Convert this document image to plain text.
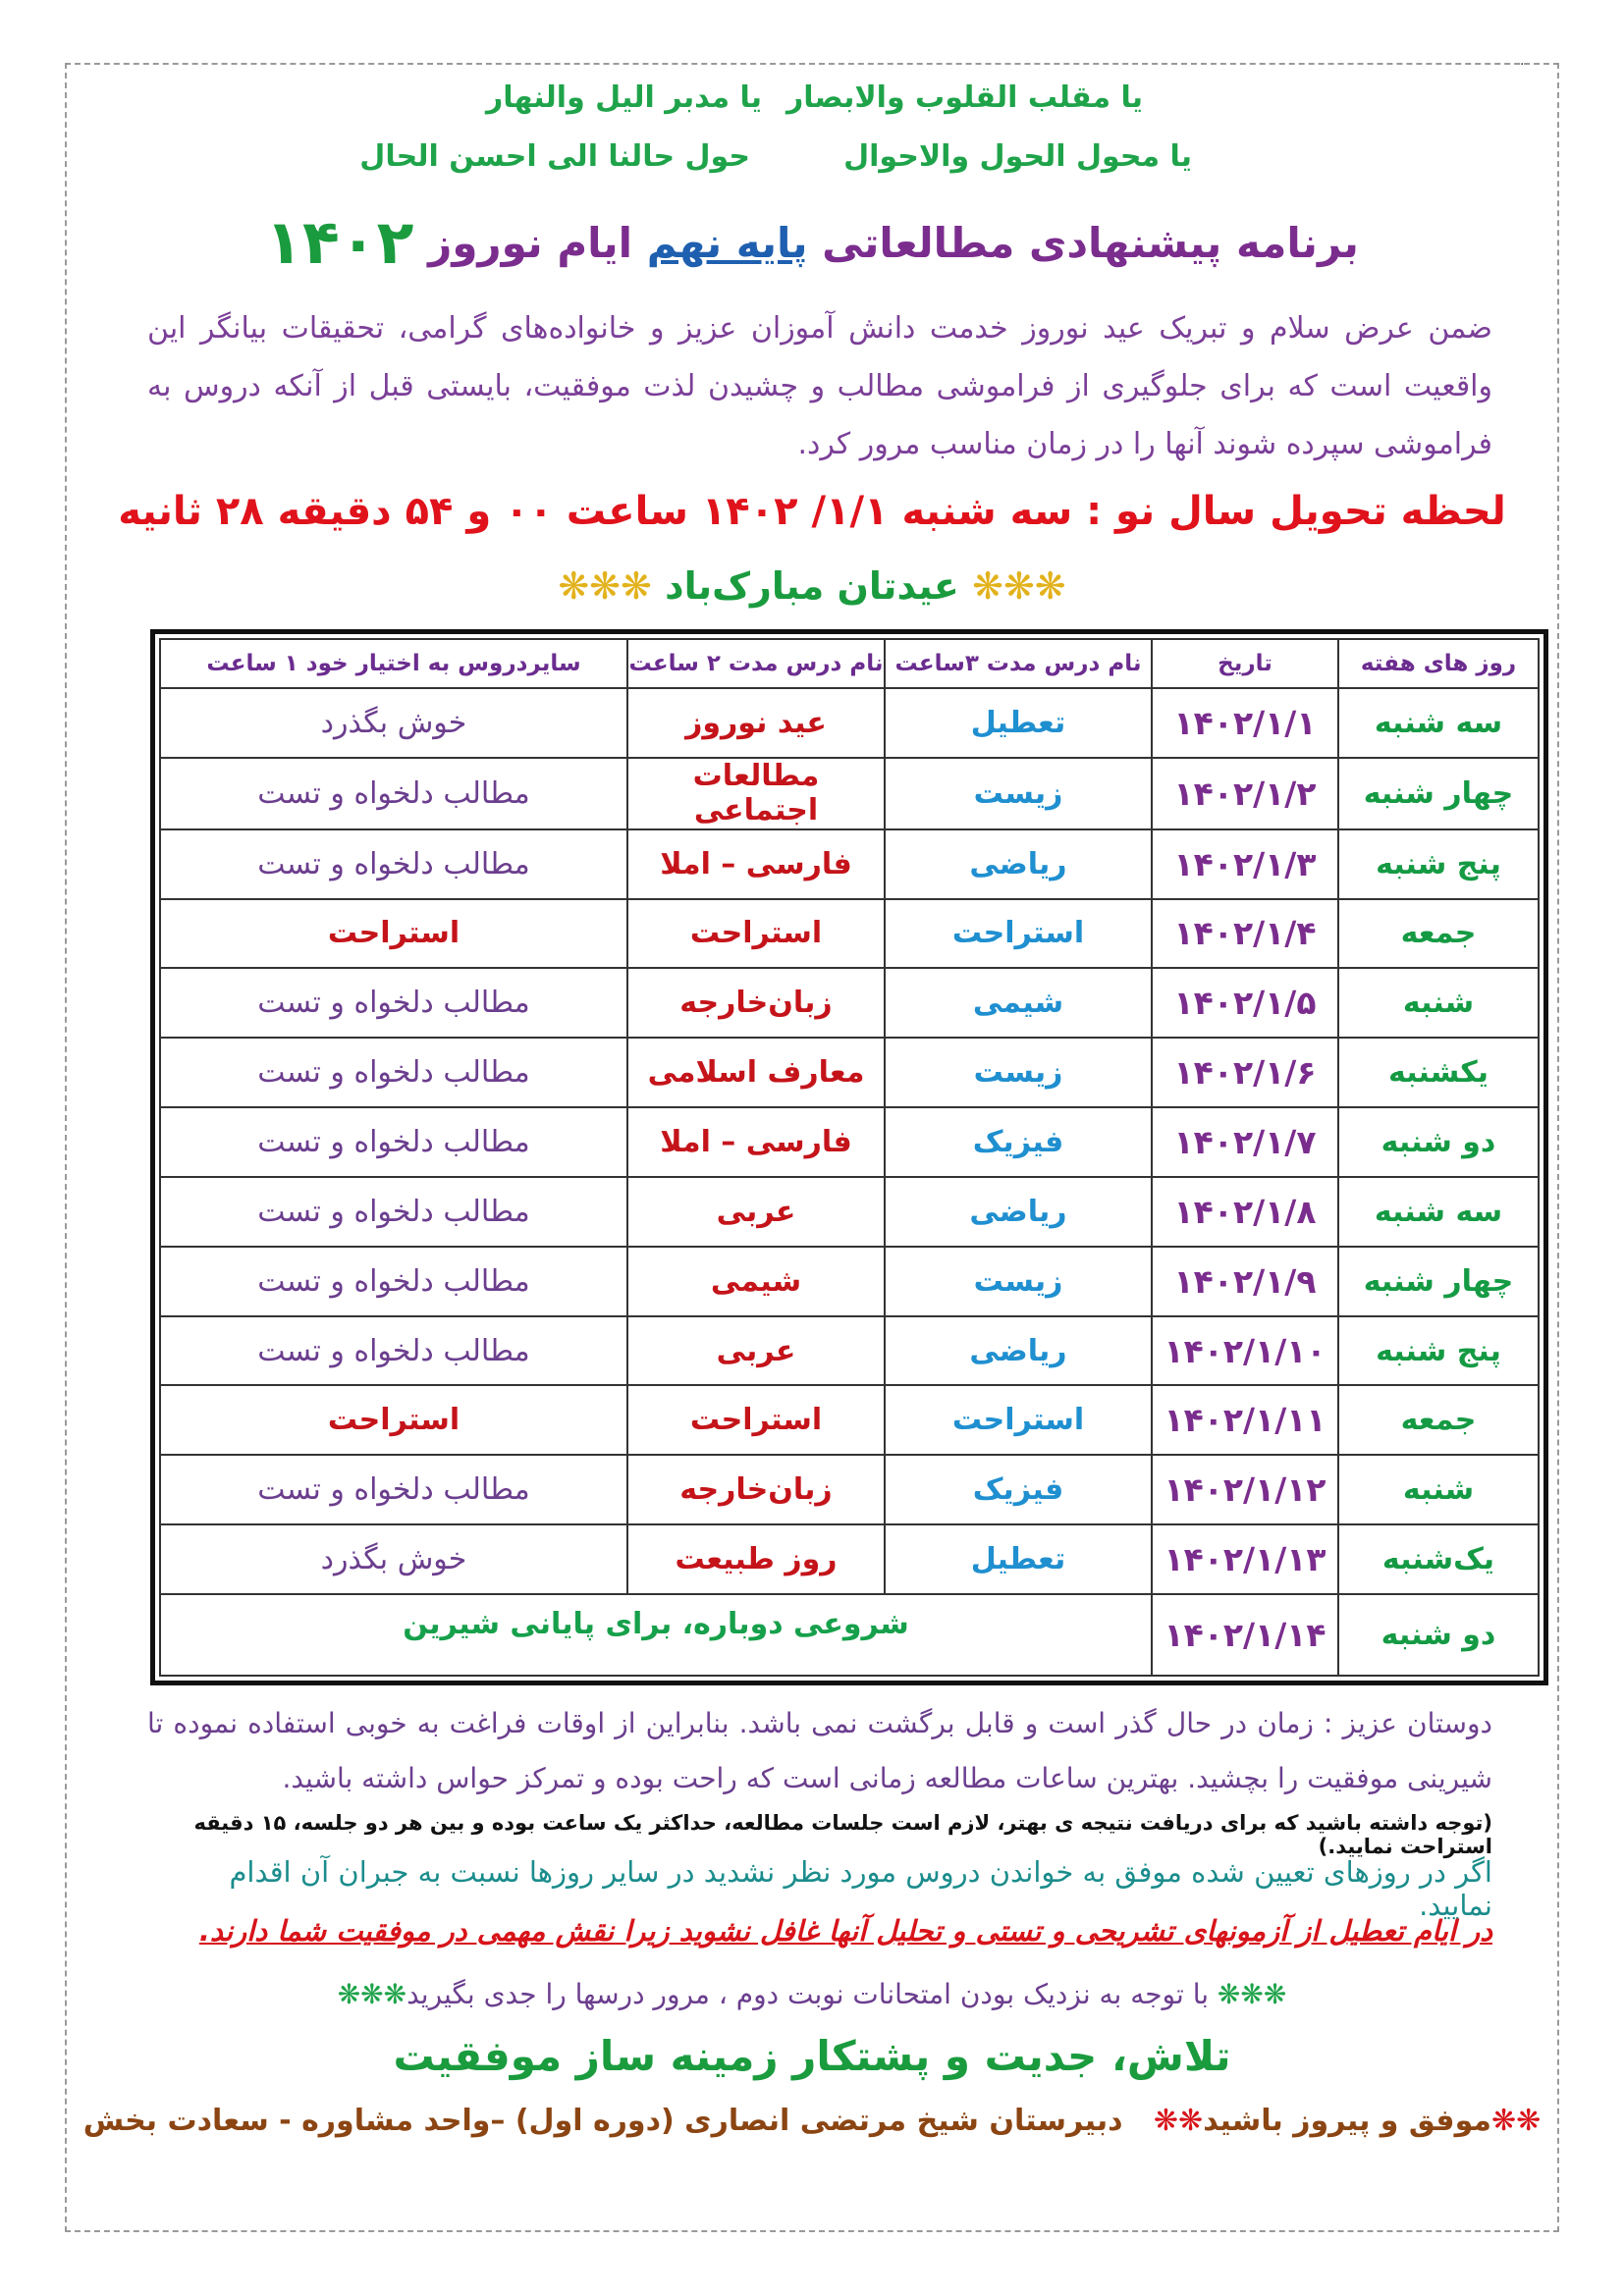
.
یا مقلب القلوب والابصار
یا مدبر الیل والنهار
یا محول الحول والاحوال
حول حالنا الی احسن الحال
برنامه پیشنهادی مطالعاتی پایه نهم ایام نوروز ۱۴۰۲
ضمن عرض سلام و تبریک عید نوروز خدمت دانش آموزان عزیز و خانواده‌های گرامی، تحقیقات بیانگر این واقعیت است که برای جلوگیری از فراموشی مطالب و چشیدن لذت موفقیت، بایستی قبل از آنکه دروس به فراموشی سپرده شوند آنها را در زمان مناسب مرور کرد.
لحظه تحویل سال نو : سه شنبه ۱/۱/ ۱۴۰۲ ساعت ۰۰ و ۵۴ دقیقه ۲۸ ثانیه
❋❋❋ عیدتان مبارک‌باد ❋❋❋
روز های هفته	تاریخ	نام درس مدت ۳ساعت	نام درس مدت ۲ ساعت	سایردروس به اختیار خود ۱ ساعت
سه شنبه	۱۴۰۲/۱/۱	تعطیل	عید نوروز	خوش بگذرد
چهار شنبه	۱۴۰۲/۱/۲	زیست	مطالعات اجتماعی	مطالب دلخواه و تست
پنج شنبه	۱۴۰۲/۱/۳	ریاضی	فارسی – املا	مطالب دلخواه و تست
جمعه	۱۴۰۲/۱/۴	استراحت	استراحت	استراحت
شنبه	۱۴۰۲/۱/۵	شیمی	زبان‌خارجه	مطالب دلخواه و تست
یکشنبه	۱۴۰۲/۱/۶	زیست	معارف اسلامی	مطالب دلخواه و تست
دو شنبه	۱۴۰۲/۱/۷	فیزیک	فارسی – املا	مطالب دلخواه و تست
سه شنبه	۱۴۰۲/۱/۸	ریاضی	عربی	مطالب دلخواه و تست
چهار شنبه	۱۴۰۲/۱/۹	زیست	شیمی	مطالب دلخواه و تست
پنج شنبه	۱۴۰۲/۱/۱۰	ریاضی	عربی	مطالب دلخواه و تست
جمعه	۱۴۰۲/۱/۱۱	استراحت	استراحت	استراحت
شنبه	۱۴۰۲/۱/۱۲	فیزیک	زبان‌خارجه	مطالب دلخواه و تست
یک‌شنبه	۱۴۰۲/۱/۱۳	تعطیل	روز طبیعت	خوش بگذرد
دو شنبه	۱۴۰۲/۱/۱۴	شروعی دوباره، برای پایانی شیرین		
دوستان عزیز : زمان در حال گذر است و قابل برگشت نمی باشد. بنابراین از اوقات فراغت به خوبی استفاده نموده تا شیرینی موفقیت را بچشید. بهترین ساعات مطالعه زمانی است که راحت بوده و تمرکز حواس داشته باشید.
(توجه داشته باشید که برای دریافت نتیجه ی بهتر، لازم است جلسات مطالعه، حداکثر یک ساعت بوده و بین هر دو جلسه، ۱۵ دقیقه استراحت نمایید.)
اگر در روزهای تعیین شده موفق به خواندن دروس مورد نظر نشدید در سایر روزها نسبت به جبران آن اقدام نمایید.
در ایام تعطیل از آزمونهای تشریحی و تستی و تحلیل آنها غافل نشوید زیرا نقش مهمی در موفقیت شما دارند.
❋❋❋ با توجه به نزدیک بودن امتحانات نوبت دوم ، مرور درسها را جدی بگیرید❋❋❋
تلاش، جدیت و پشتکار زمینه ساز موفقیت
❋❋موفق و پیروز باشید❋❋   دبیرستان شیخ مرتضی انصاری (دوره اول) –واحد مشاوره - سعادت بخش
